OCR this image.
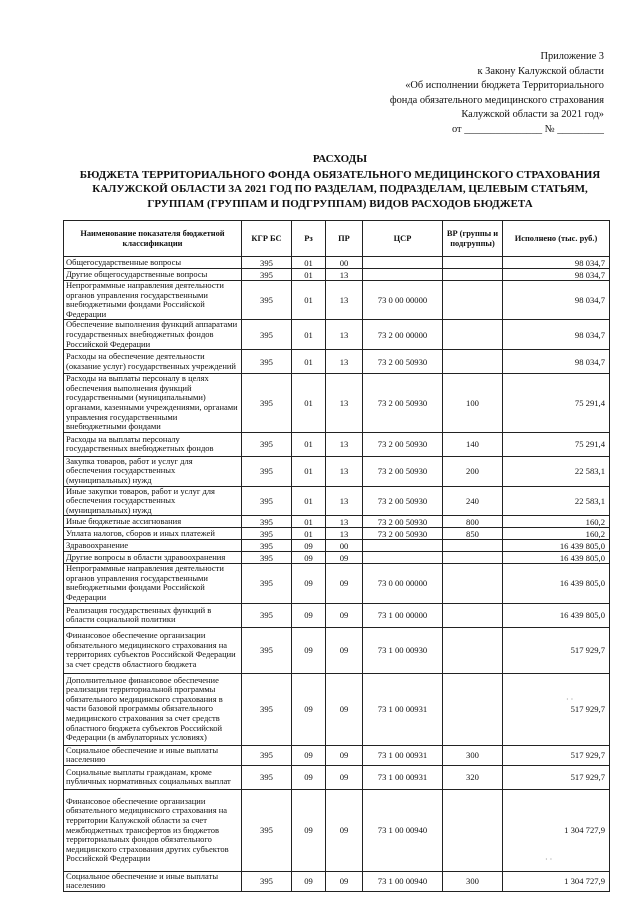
Приложение 3
к Закону Калужской области
«Об исполнении бюджета Территориального
фонда обязательного медицинского страхования
Калужской области за 2021 год»
от _______________ № _________
РАСХОДЫ
БЮДЖЕТА ТЕРРИТОРИАЛЬНОГО ФОНДА ОБЯЗАТЕЛЬНОГО МЕДИЦИНСКОГО СТРАХОВАНИЯ
КАЛУЖСКОЙ ОБЛАСТИ ЗА 2021 ГОД ПО РАЗДЕЛАМ, ПОДРАЗДЕЛАМ, ЦЕЛЕВЫМ СТАТЬЯМ,
ГРУППАМ (ГРУППАМ И ПОДГРУППАМ) ВИДОВ РАСХОДОВ БЮДЖЕТА
Наименование показателя бюджетной классификации	КГР БС	Рз	ПР	ЦСР	ВР (группы и подгруппы)	Исполнено (тыс. руб.)
Общегосударственные вопросы	395	01	00			98 034,7
Другие общегосударственные вопросы	395	01	13			98 034,7
Непрограммные направления деятельности органов управления государственными внебюджетными фондами Российской Федерации	395	01	13	73 0 00 00000		98 034,7
Обеспечение выполнения функций аппаратами государственных внебюджетных фондов Российской Федерации	395	01	13	73 2 00 00000		98 034,7
Расходы на обеспечение деятельности (оказание услуг) государственных учреждений	395	01	13	73 2 00 50930		98 034,7
Расходы на выплаты персоналу в целях обеспечения выполнения функций государственными (муниципальными) органами, казенными учреждениями, органами управления государственными внебюджетными фондами	395	01	13	73 2 00 50930	100	75 291,4
Расходы на выплаты персоналу государственных внебюджетных фондов	395	01	13	73 2 00 50930	140	75 291,4
Закупка товаров, работ и услуг для обеспечения государственных (муниципальных) нужд	395	01	13	73 2 00 50930	200	22 583,1
Иные закупки товаров, работ и услуг для обеспечения государственных (муниципальных) нужд	395	01	13	73 2 00 50930	240	22 583,1
Иные бюджетные ассигнования	395	01	13	73 2 00 50930	800	160,2
Уплата налогов, сборов и иных платежей	395	01	13	73 2 00 50930	850	160,2
Здравоохранение	395	09	00			16 439 805,0
Другие вопросы в области здравоохранения	395	09	09			16 439 805,0
Непрограммные направления деятельности органов управления государственными внебюджетными фондами Российской Федерации	395	09	09	73 0 00 00000		16 439 805,0
Реализация государственных функций в области социальной политики	395	09	09	73 1 00 00000		16 439 805,0
Финансовое обеспечение организации обязательного медицинского страхования на территориях субъектов Российской Федерации за счет средств областного бюджета	395	09	09	73 1 00 00930		517 929,7
Дополнительное финансовое обеспечение реализации территориальной программы обязательного медицинского страхования в части базовой программы обязательного медицинского страхования за счет средств областного бюджета субъектов Российской Федерации (в амбулаторных условиях)	395	09	09	73 1 00 00931		517 929,7
Социальное обеспечение и иные выплаты населению	395	09	09	73 1 00 00931	300	517 929,7
Социальные выплаты гражданам, кроме публичных нормативных социальных выплат	395	09	09	73 1 00 00931	320	517 929,7
Финансовое обеспечение организации обязательного медицинского страхования на территории Калужской области за счет межбюджетных трансфертов из бюджетов территориальных фондов обязательного медицинского страхования других субъектов Российской Федерации	395	09	09	73 1 00 00940		1 304 727,9
Социальное обеспечение и иные выплаты населению	395	09	09	73 1 00 00940	300	1 304 727,9
· ·
· ·
